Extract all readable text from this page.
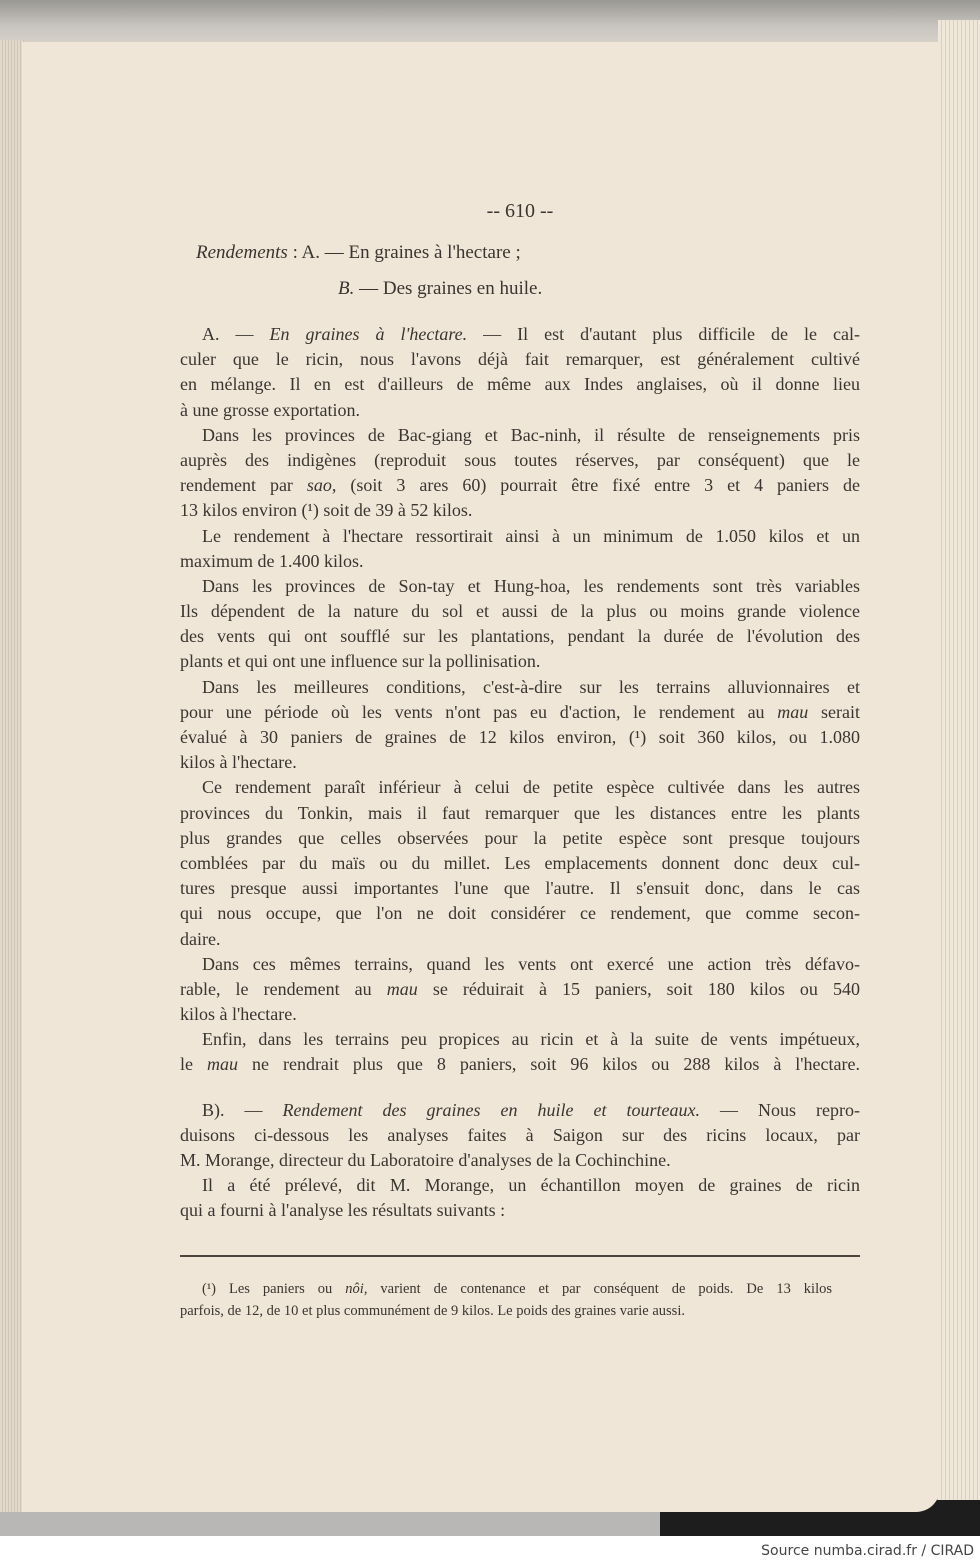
-- 610 --
Rendements : A. — En graines à l'hectare ;
B. — Des graines en huile.
A. — En graines à l'hectare. — Il est d'autant plus difficile de le cal-
culer que le ricin, nous l'avons déjà fait remarquer, est généralement cultivé
en mélange. Il en est d'ailleurs de même aux Indes anglaises, où il donne lieu
à une grosse exportation.
Dans les provinces de Bac-giang et Bac-ninh, il résulte de renseignements pris
auprès des indigènes (reproduit sous toutes réserves, par conséquent) que le
rendement par sao, (soit 3 ares 60) pourrait être fixé entre 3 et 4 paniers de
13 kilos environ (¹) soit de 39 à 52 kilos.
Le rendement à l'hectare ressortirait ainsi à un minimum de 1.050 kilos et un
maximum de 1.400 kilos.
Dans les provinces de Son-tay et Hung-hoa, les rendements sont très variables
Ils dépendent de la nature du sol et aussi de la plus ou moins grande violence
des vents qui ont soufflé sur les plantations, pendant la durée de l'évolution des
plants et qui ont une influence sur la pollinisation.
Dans les meilleures conditions, c'est-à-dire sur les terrains alluvionnaires et
pour une période où les vents n'ont pas eu d'action, le rendement au mau serait
évalué à 30 paniers de graines de 12 kilos environ, (¹) soit 360 kilos, ou 1.080
kilos à l'hectare.
Ce rendement paraît inférieur à celui de petite espèce cultivée dans les autres
provinces du Tonkin, mais il faut remarquer que les distances entre les plants
plus grandes que celles observées pour la petite espèce sont presque toujours
comblées par du maïs ou du millet. Les emplacements donnent donc deux cul-
tures presque aussi importantes l'une que l'autre. Il s'ensuit donc, dans le cas
qui nous occupe, que l'on ne doit considérer ce rendement, que comme secon-
daire.
Dans ces mêmes terrains, quand les vents ont exercé une action très défavo-
rable, le rendement au mau se réduirait à 15 paniers, soit 180 kilos ou 540
kilos à l'hectare.
Enfin, dans les terrains peu propices au ricin et à la suite de vents impétueux,
le mau ne rendrait plus que 8 paniers, soit 96 kilos ou 288 kilos à l'hectare.
B). — Rendement des graines en huile et tourteaux. — Nous repro-
duisons ci-dessous les analyses faites à Saigon sur des ricins locaux, par
M. Morange, directeur du Laboratoire d'analyses de la Cochinchine.
Il a été prélevé, dit M. Morange, un échantillon moyen de graines de ricin
qui a fourni à l'analyse les résultats suivants :
(¹) Les paniers ou nôi, varient de contenance et par conséquent de poids. De 13 kilos
parfois, de 12, de 10 et plus communément de 9 kilos. Le poids des graines varie aussi.
Source numba.cirad.fr / CIRAD
